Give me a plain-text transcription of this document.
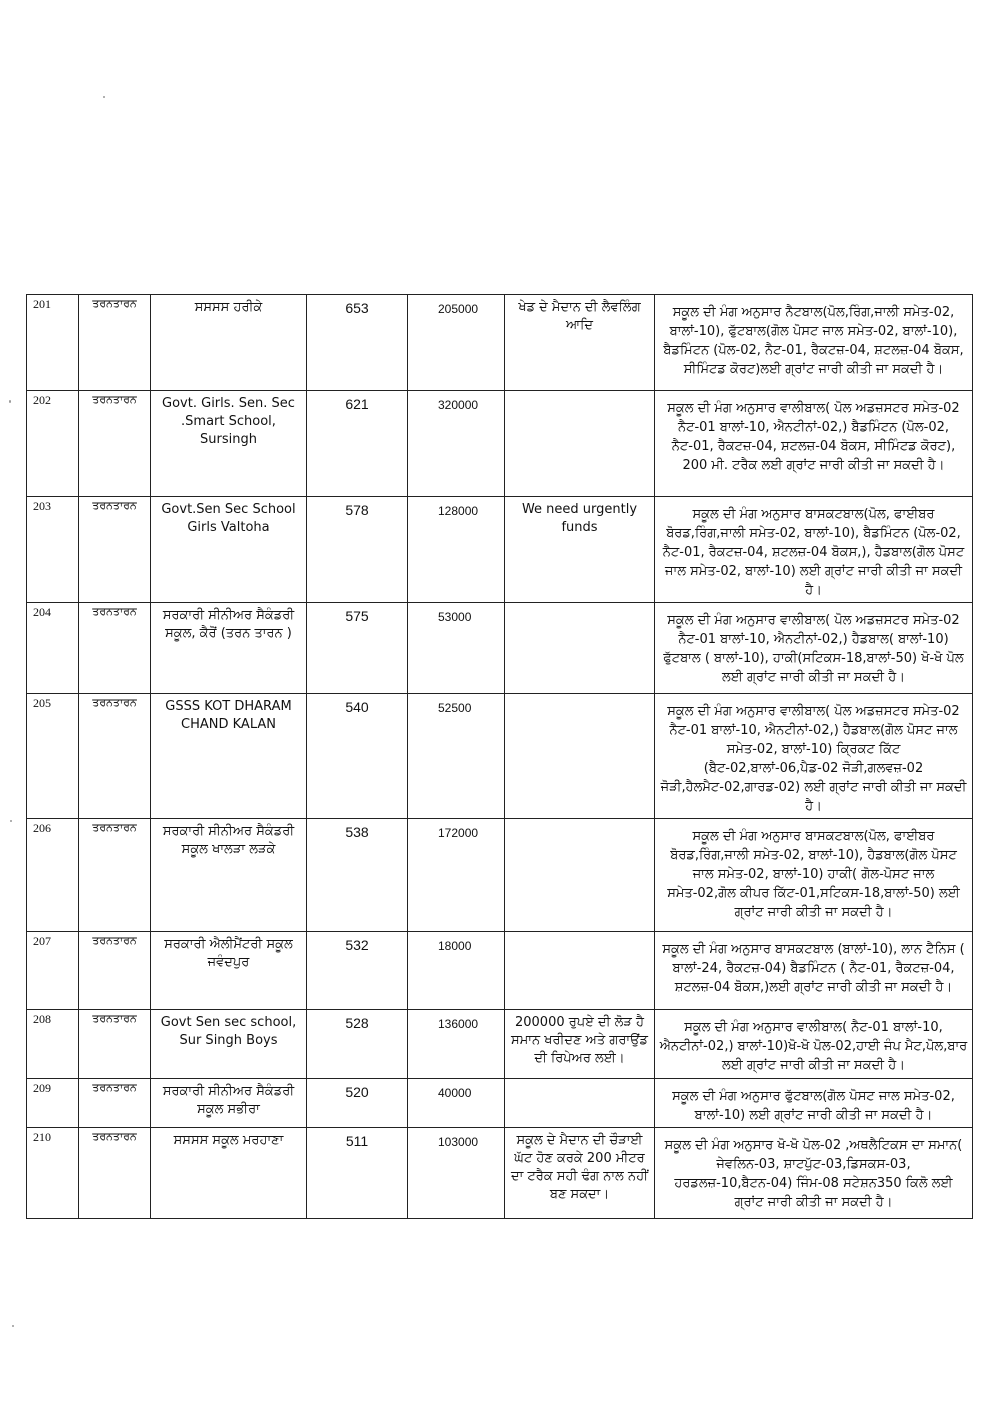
201	ਤਰਨਤਾਰਨ	ਸਸਸਸ ਹਰੀਕੇ	653	205000	ਖੇਡ ਦੇ ਮੈਦਾਨ ਦੀ ਲੈਵਲਿੰਗ ਆਦਿ	ਸਕੂਲ ਦੀ ਮੰਗ ਅਨੁਸਾਰ ਨੈਟਬਾਲ(ਪੋਲ,ਰਿੰਗ,ਜਾਲੀ ਸਮੇਤ-02, ਬਾਲਾਂ-10), ਫੁੱਟਬਾਲ(ਗੋਲ ਪੋਸਟ ਜਾਲ ਸਮੇਤ-02, ਬਾਲਾਂ-10), ਬੈਡਮਿੰਟਨ (ਪੋਲ-02, ਨੈਟ-01, ਰੈਕਟਜ਼-04, ਸ਼ਟਲਜ਼-04 ਬੋਕਸ, ਸੀਮਿੰਟਡ ਕੋਰਟ)ਲਈ ਗ੍ਰਾਂਟ ਜਾਰੀ ਕੀਤੀ ਜਾ ਸਕਦੀ ਹੈ।
202	ਤਰਨਤਾਰਨ	Govt. Girls. Sen. Sec .Smart School, Sursingh	621	320000		ਸਕੂਲ ਦੀ ਮੰਗ ਅਨੁਸਾਰ ਵਾਲੀਬਾਲ( ਪੋਲ ਅਡਜ਼ਸਟਰ ਸਮੇਤ-02 ਨੈਟ-01 ਬਾਲਾਂ-10, ਐਨਟੀਨਾਂ-02,) ਬੈਡਮਿੰਟਨ (ਪੋਲ-02, ਨੈਟ-01, ਰੈਕਟਜ਼-04, ਸ਼ਟਲਜ਼-04 ਬੋਕਸ, ਸੀਮਿੰਟਡ ਕੋਰਟ), 200 ਮੀ. ਟਰੈਕ ਲਈ ਗ੍ਰਾਂਟ ਜਾਰੀ ਕੀਤੀ ਜਾ ਸਕਦੀ ਹੈ।
203	ਤਰਨਤਾਰਨ	Govt.Sen Sec School Girls Valtoha	578	128000	We need urgently funds	ਸਕੂਲ ਦੀ ਮੰਗ ਅਨੁਸਾਰ ਬਾਸਕਟਬਾਲ(ਪੋਲ, ਫਾਈਬਰ ਬੋਰਡ,ਰਿੰਗ,ਜਾਲੀ ਸਮੇਤ-02, ਬਾਲਾਂ-10), ਬੈਡਮਿੰਟਨ (ਪੋਲ-02, ਨੈਟ-01, ਰੈਕਟਜ਼-04, ਸ਼ਟਲਜ਼-04 ਬੋਕਸ,), ਹੈਡਬਾਲ(ਗੋਲ ਪੋਸਟ ਜਾਲ ਸਮੇਤ-02, ਬਾਲਾਂ-10) ਲਈ ਗ੍ਰਾਂਟ ਜਾਰੀ ਕੀਤੀ ਜਾ ਸਕਦੀ ਹੈ।
204	ਤਰਨਤਾਰਨ	ਸਰਕਾਰੀ ਸੀਨੀਅਰ ਸੈਕੰਡਰੀ ਸਕੂਲ, ਕੈਰੋਂ (ਤਰਨ ਤਾਰਨ )	575	53000		ਸਕੂਲ ਦੀ ਮੰਗ ਅਨੁਸਾਰ ਵਾਲੀਬਾਲ( ਪੋਲ ਅਡਜ਼ਸਟਰ ਸਮੇਤ-02 ਨੈਟ-01 ਬਾਲਾਂ-10, ਐਨਟੀਨਾਂ-02,) ਹੈਡਬਾਲ( ਬਾਲਾਂ-10) ਫੁੱਟਬਾਲ ( ਬਾਲਾਂ-10), ਹਾਕੀ(ਸਟਿਕਸ-18,ਬਾਲਾਂ-50) ਖੋ-ਖੋ ਪੋਲ ਲਈ ਗ੍ਰਾਂਟ ਜਾਰੀ ਕੀਤੀ ਜਾ ਸਕਦੀ ਹੈ।
205	ਤਰਨਤਾਰਨ	GSSS KOT DHARAM CHAND KALAN	540	52500		ਸਕੂਲ ਦੀ ਮੰਗ ਅਨੁਸਾਰ ਵਾਲੀਬਾਲ( ਪੋਲ ਅਡਜ਼ਸਟਰ ਸਮੇਤ-02 ਨੈਟ-01 ਬਾਲਾਂ-10, ਐਨਟੀਨਾਂ-02,) ਹੈਡਬਾਲ(ਗੋਲ ਪੋਸਟ ਜਾਲ ਸਮੇਤ-02, ਬਾਲਾਂ-10) ਕ੍ਰਿਕਟ ਕਿੱਟ (ਬੈਟ-02,ਬਾਲਾਂ-06,ਪੈਡ-02 ਜੋੜੀ,ਗਲਵਜ਼-02 ਜੋੜੀ,ਹੈਲਮੈਟ-02,ਗਾਰਡ-02) ਲਈ ਗ੍ਰਾਂਟ ਜਾਰੀ ਕੀਤੀ ਜਾ ਸਕਦੀ ਹੈ।
206	ਤਰਨਤਾਰਨ	ਸਰਕਾਰੀ ਸੀਨੀਅਰ ਸੈਕੰਡਰੀ ਸਕੂਲ ਖਾਲੜਾ ਲੜਕੇ	538	172000		ਸਕੂਲ ਦੀ ਮੰਗ ਅਨੁਸਾਰ ਬਾਸਕਟਬਾਲ(ਪੋਲ, ਫਾਈਬਰ ਬੋਰਡ,ਰਿੰਗ,ਜਾਲੀ ਸਮੇਤ-02, ਬਾਲਾਂ-10), ਹੈਡਬਾਲ(ਗੋਲ ਪੋਸਟ ਜਾਲ ਸਮੇਤ-02, ਬਾਲਾਂ-10) ਹਾਕੀ( ਗੋਲ-ਪੋਸਟ ਜਾਲ ਸਮੇਤ-02,ਗੋਲ ਕੀਪਰ ਕਿੱਟ-01,ਸਟਿਕਸ-18,ਬਾਲਾਂ-50) ਲਈ ਗ੍ਰਾਂਟ ਜਾਰੀ ਕੀਤੀ ਜਾ ਸਕਦੀ ਹੈ।
207	ਤਰਨਤਾਰਨ	ਸਰਕਾਰੀ ਐਲੀਮੈਂਟਰੀ ਸਕੂਲ ਜਵੰਦਪੁਰ	532	18000		ਸਕੂਲ ਦੀ ਮੰਗ ਅਨੁਸਾਰ ਬਾਸਕਟਬਾਲ (ਬਾਲਾਂ-10), ਲਾਨ ਟੈਨਿਸ ( ਬਾਲਾਂ-24, ਰੈਕਟਜ਼-04) ਬੈਡਮਿੰਟਨ ( ਨੈਟ-01, ਰੈਕਟਜ਼-04, ਸ਼ਟਲਜ਼-04 ਬੋਕਸ,)ਲਈ ਗ੍ਰਾਂਟ ਜਾਰੀ ਕੀਤੀ ਜਾ ਸਕਦੀ ਹੈ।
208	ਤਰਨਤਾਰਨ	Govt Sen sec school, Sur Singh Boys	528	136000	200000 ਰੁਪਏ ਦੀ ਲੋੜ ਹੈ ਸਮਾਨ ਖਰੀਦਣ ਅਤੇ ਗਰਾਉਂਡ ਦੀ ਰਿਪੇਅਰ ਲਈ।	ਸਕੂਲ ਦੀ ਮੰਗ ਅਨੁਸਾਰ ਵਾਲੀਬਾਲ( ਨੈਟ-01 ਬਾਲਾਂ-10, ਐਨਟੀਨਾਂ-02,) ਬਾਲਾਂ-10)ਖੋ-ਖੋ ਪੋਲ-02,ਹਾਈ ਜੰਪ ਮੈਟ,ਪੋਲ,ਬਾਰ ਲਈ ਗ੍ਰਾਂਟ ਜਾਰੀ ਕੀਤੀ ਜਾ ਸਕਦੀ ਹੈ।
209	ਤਰਨਤਾਰਨ	ਸਰਕਾਰੀ ਸੀਨੀਅਰ ਸੈਕੰਡਰੀ ਸਕੂਲ ਸਭੀਰਾ	520	40000		ਸਕੂਲ ਦੀ ਮੰਗ ਅਨੁਸਾਰ ਫੁੱਟਬਾਲ(ਗੋਲ ਪੋਸਟ ਜਾਲ ਸਮੇਤ-02, ਬਾਲਾਂ-10) ਲਈ ਗ੍ਰਾਂਟ ਜਾਰੀ ਕੀਤੀ ਜਾ ਸਕਦੀ ਹੈ।
210	ਤਰਨਤਾਰਨ	ਸਸਸਸ ਸਕੂਲ ਮਰਹਾਣਾ	511	103000	ਸਕੂਲ ਦੇ ਮੈਦਾਨ ਦੀ ਚੌੜਾਈ ਘੱਟ ਹੋਣ ਕਰਕੇ 200 ਮੀਟਰ ਦਾ ਟਰੈਕ ਸਹੀ ਢੰਗ ਨਾਲ ਨਹੀਂ ਬਣ ਸਕਦਾ।	ਸਕੂਲ ਦੀ ਮੰਗ ਅਨੁਸਾਰ ਖੋ-ਖੋ ਪੋਲ-02 ,ਅਥਲੈਟਿਕਸ ਦਾ ਸਮਾਨ( ਜੇਵਲਿਨ-03, ਸ਼ਾਟਪੁੱਟ-03,ਡਿਸਕਸ-03, ਹਰਡਲਜ਼-10,ਬੈਟਨ-04) ਜਿੰਮ-08 ਸਟੇਸ਼ਨ350 ਕਿਲੋ ਲਈ ਗ੍ਰਾਂਟ ਜਾਰੀ ਕੀਤੀ ਜਾ ਸਕਦੀ ਹੈ।
